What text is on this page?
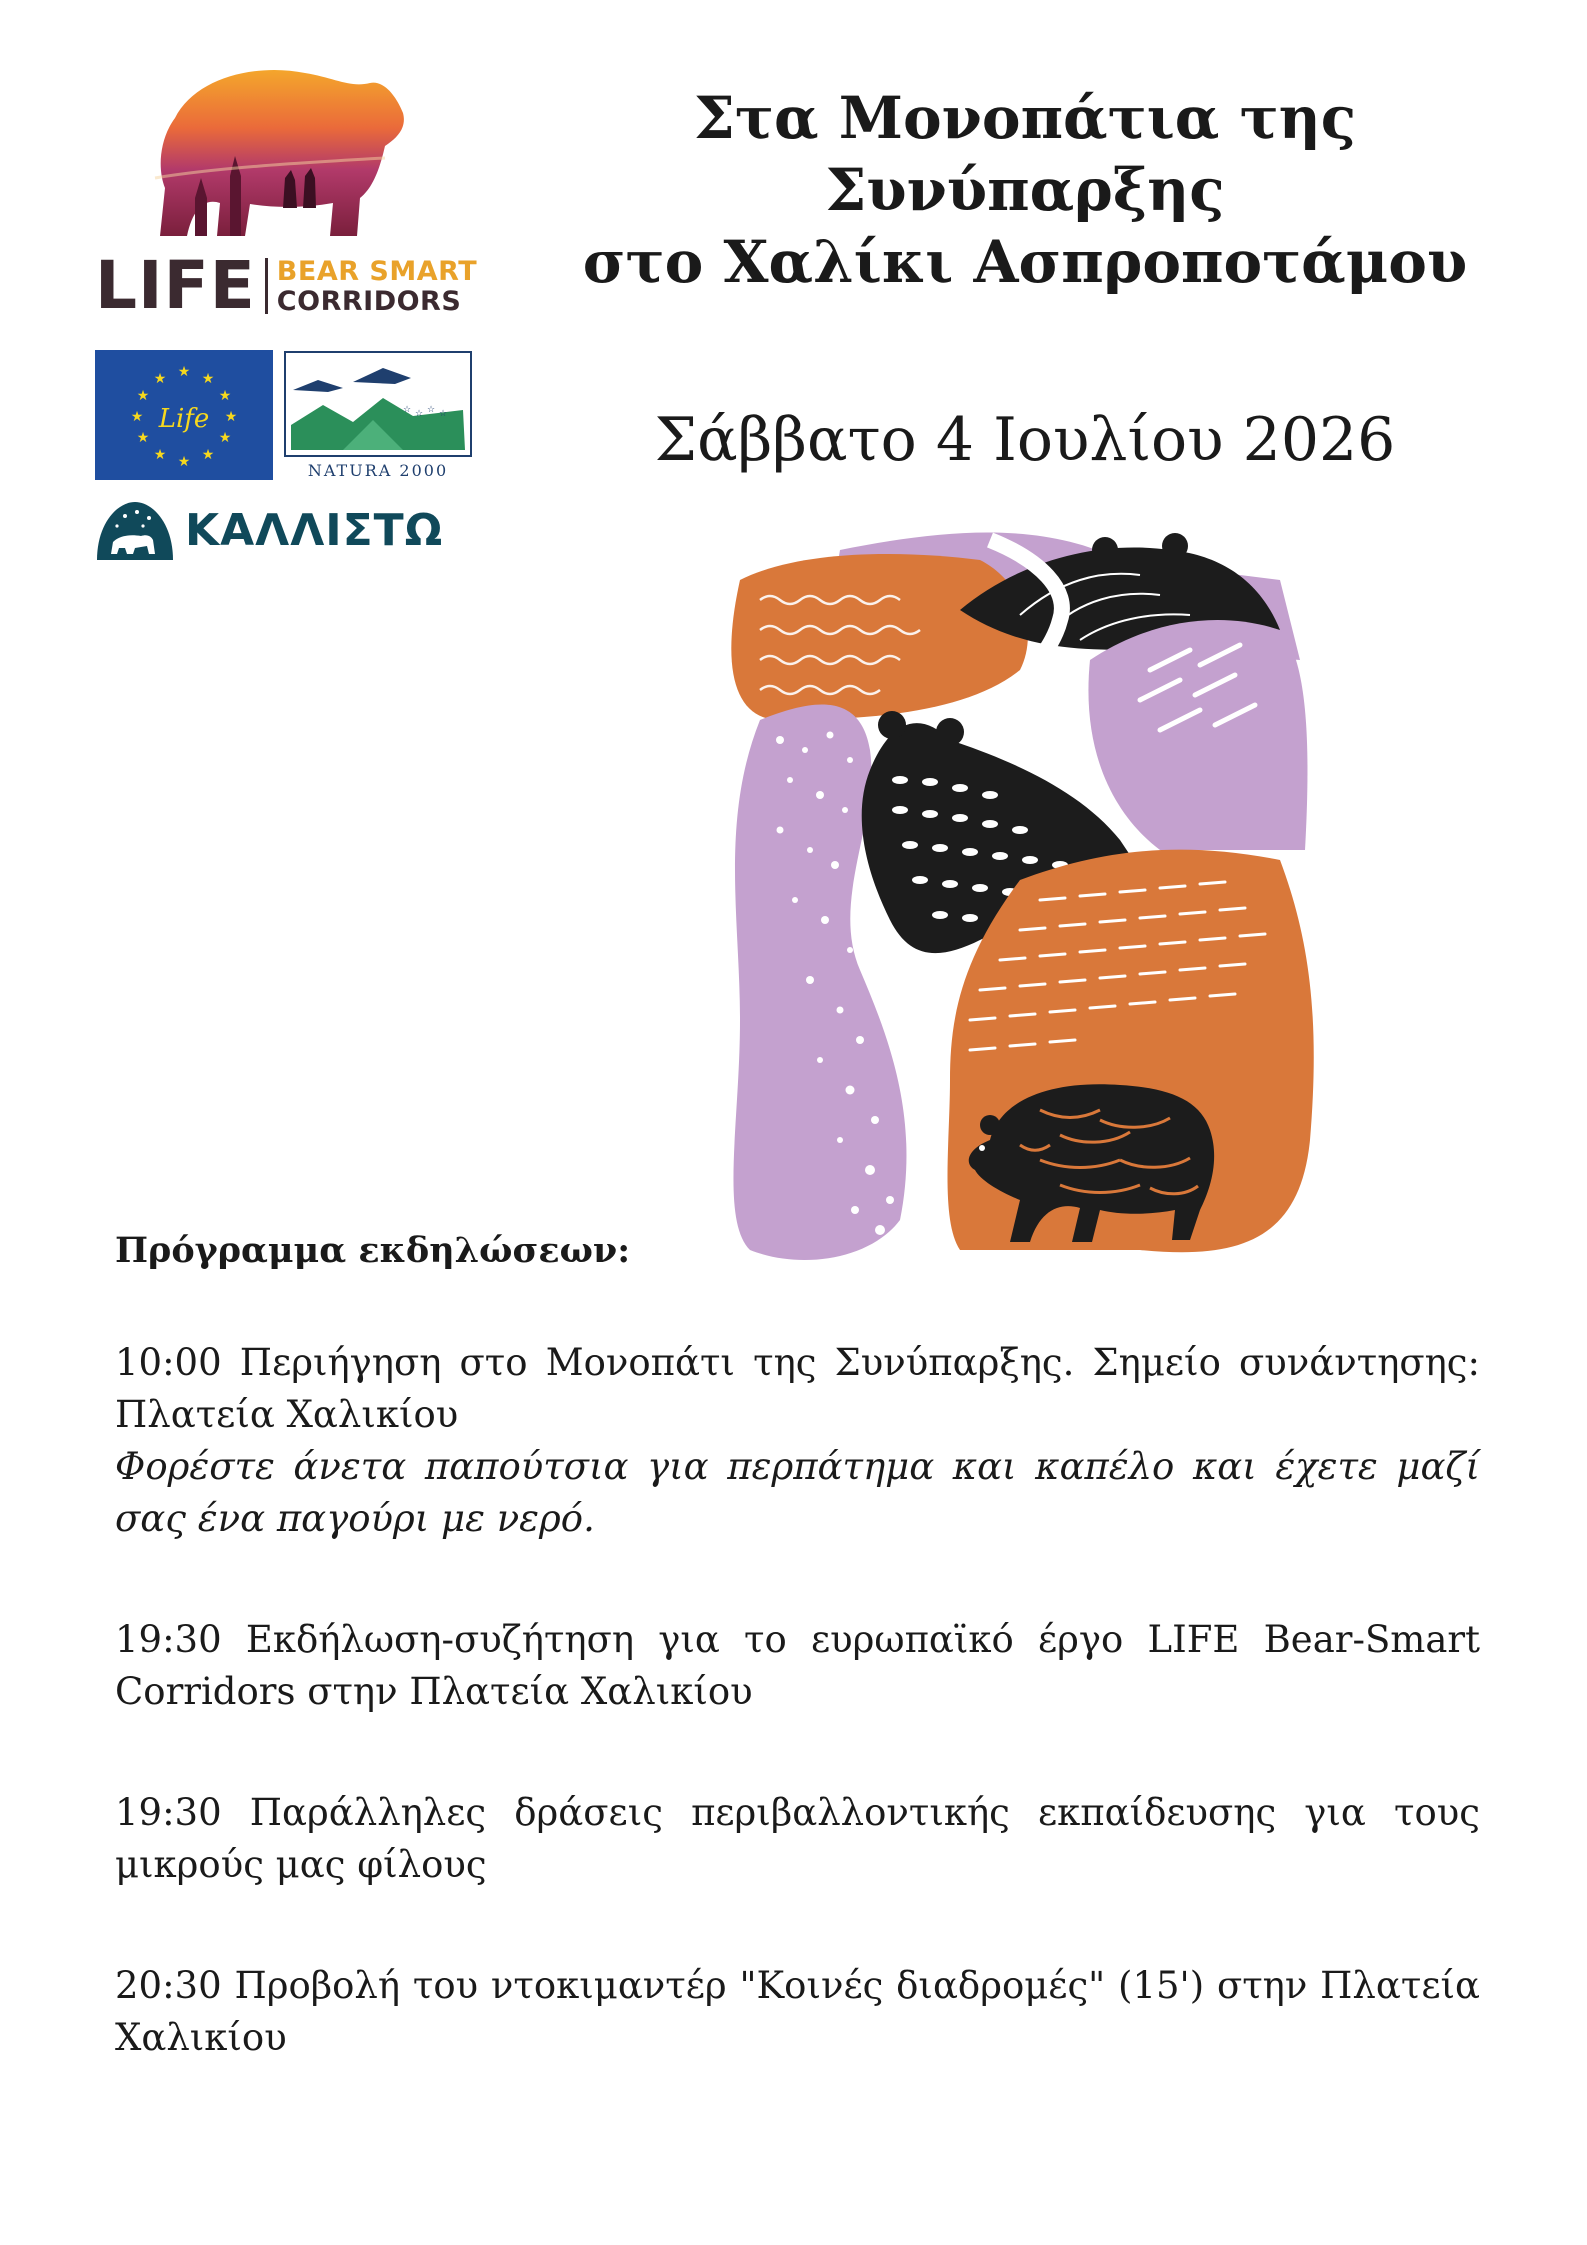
LIFE BEAR SMART
CORRIDORS
★ ★
★
★
★
★
★
★
★
★
★
★
Life	☆ ☆ ☆ ☆
NATURA 2000
ΚΑΛΛΙΣΤΩ
Στα Μονοπάτια της
Συνύπαρξης
στο Χαλίκι Ασπροποτάμου

Σάββατο 4 Ιουλίου 2026

Πρόγραμμα εκδηλώσεων:

10:00 Περιήγηση στο Μονοπάτι της Συνύπαρξης. Σημείο συνάντησης: Πλατεία Χαλικίου
Φορέστε άνετα παπούτσια για περπάτημα και καπέλο και έχετε μαζί σας ένα παγούρι με νερό.

19:30 Εκδήλωση-συζήτηση για το ευρωπαϊκό έργο LIFE Bear-Smart Corridors στην Πλατεία Χαλικίου

19:30 Παράλληλες δράσεις περιβαλλοντικής εκπαίδευσης για τους μικρούς μας φίλους

20:30 Προβολή του ντοκιμαντέρ "Κοινές διαδρομές" (15') στην Πλατεία Χαλικίου
